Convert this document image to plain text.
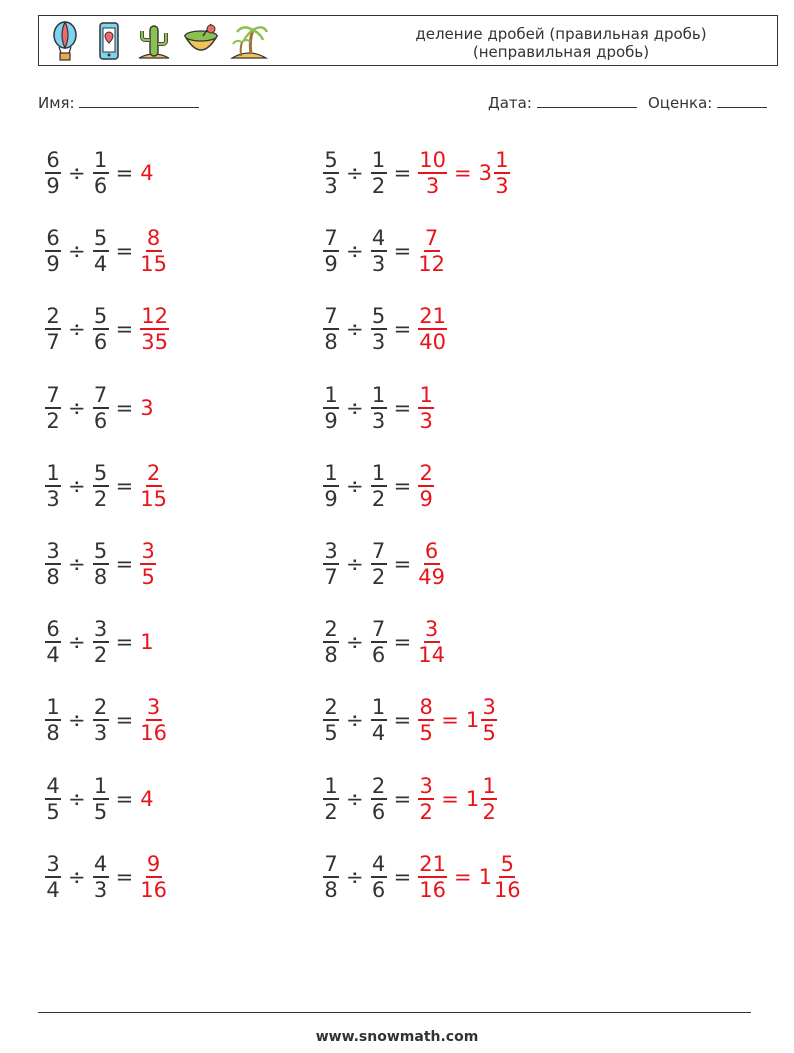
деление дробей (правильная дробь)
(неправильная дробь)
Имя:	Дата:	Оценка:
$\frac{6}{9} \div \frac{1}{6} = 4$
$\frac{6}{9} \div \frac{5}{4} = \frac{8}{15}$
$\frac{2}{7} \div \frac{5}{6} = \frac{12}{35}$
$\frac{7}{2} \div \frac{7}{6} = 3$
$\frac{1}{3} \div \frac{5}{2} = \frac{2}{15}$
$\frac{3}{8} \div \frac{5}{8} = \frac{3}{5}$
$\frac{6}{4} \div \frac{3}{2} = 1$
$\frac{1}{8} \div \frac{2}{3} = \frac{3}{16}$
$\frac{4}{5} \div \frac{1}{5} = 4$
$\frac{3}{4} \div \frac{4}{3} = \frac{9}{16}$
$\frac{5}{3} \div \frac{1}{2} = \frac{10}{3} = 3 \frac{1}{3}$
$\frac{7}{9} \div \frac{4}{3} = \frac{7}{12}$
$\frac{7}{8} \div \frac{5}{3} = \frac{21}{40}$
$\frac{1}{9} \div \frac{1}{3} = \frac{1}{3}$
$\frac{1}{9} \div \frac{1}{2} = \frac{2}{9}$
$\frac{3}{7} \div \frac{7}{2} = \frac{6}{49}$
$\frac{2}{8} \div \frac{7}{6} = \frac{3}{14}$
$\frac{2}{5} \div \frac{1}{4} = \frac{8}{5} = 1 \frac{3}{5}$
$\frac{1}{2} \div \frac{2}{6} = \frac{3}{2} = 1 \frac{1}{2}$
$\frac{7}{8} \div \frac{4}{6} = \frac{21}{16} = 1 \frac{5}{16}$
www.snowmath.com
